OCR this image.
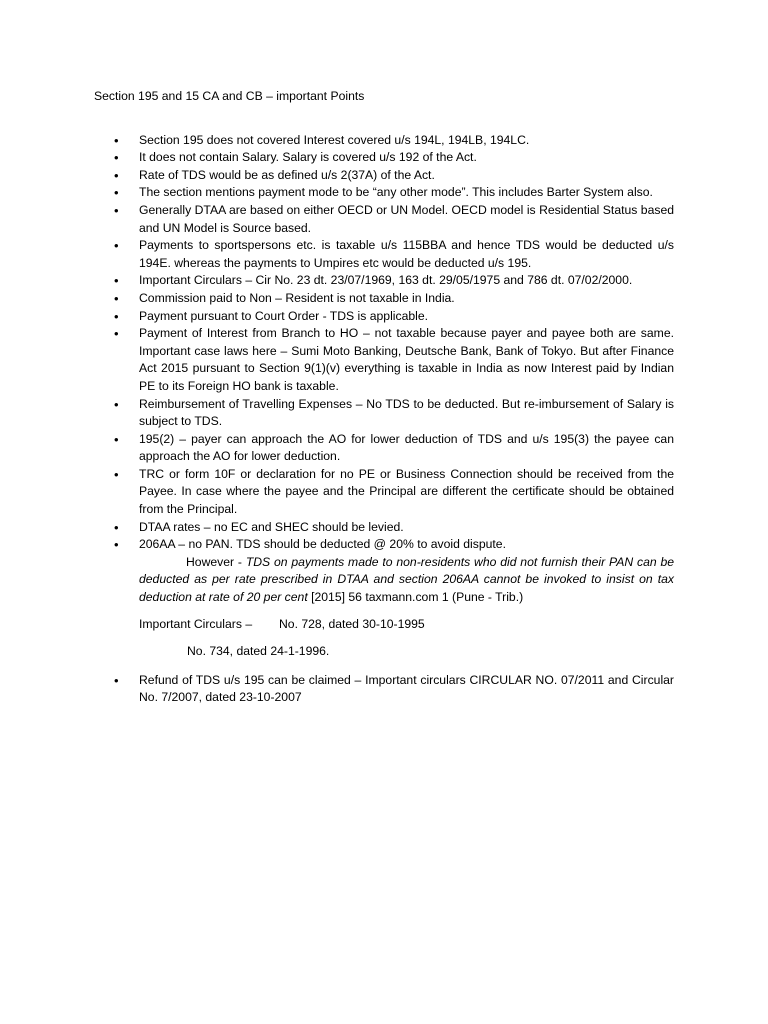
Section 195 and 15 CA and CB – important Points
• Section 195 does not covered Interest covered u/s 194L, 194LB, 194LC.
• It does not contain Salary. Salary is covered u/s 192 of the Act.
• Rate of TDS would be as defined u/s 2(37A) of the Act.
• The section mentions payment mode to be “any other mode”. This includes Barter System also.
• Generally DTAA are based on either OECD or UN Model. OECD model is Residential Status based and UN Model is Source based.
• Payments to sportspersons etc. is taxable u/s 115BBA and hence TDS would be deducted u/s 194E. whereas the payments to Umpires etc would be deducted u/s 195.
• Important Circulars – Cir No. 23 dt. 23/07/1969, 163 dt. 29/05/1975 and 786 dt. 07/02/2000.
• Commission paid to Non – Resident is not taxable in India.
• Payment pursuant to Court Order - TDS is applicable.
• Payment of Interest from Branch to HO – not taxable because payer and payee both are same. Important case laws here – Sumi Moto Banking, Deutsche Bank, Bank of Tokyo. But after Finance Act 2015 pursuant to Section 9(1)(v) everything is taxable in India as now Interest paid by Indian PE to its Foreign HO bank is taxable.
• Reimbursement of Travelling Expenses – No TDS to be deducted. But re-imbursement of Salary is subject to TDS.
• 195(2) – payer can approach the AO for lower deduction of TDS and u/s 195(3) the payee can approach the AO for lower deduction.
• TRC or form 10F or declaration for no PE or Business Connection should be received from the Payee. In case where the payee and the Principal are different the certificate should be obtained from the Principal.
• DTAA rates – no EC and SHEC should be levied.
• 206AA – no PAN. TDS should be deducted @ 20% to avoid dispute.
However - TDS on payments made to non-residents who did not furnish their PAN can be deducted as per rate prescribed in DTAA and section 206AA cannot be invoked to insist on tax deduction at rate of 20 per cent [2015] 56 taxmann.com 1 (Pune - Trib.)
Important Circulars – No. 728, dated 30-10-1995
No. 734, dated 24-1-1996.
• Refund of TDS u/s 195 can be claimed – Important circulars CIRCULAR NO. 07/2011 and Circular No. 7/2007, dated 23-10-2007
